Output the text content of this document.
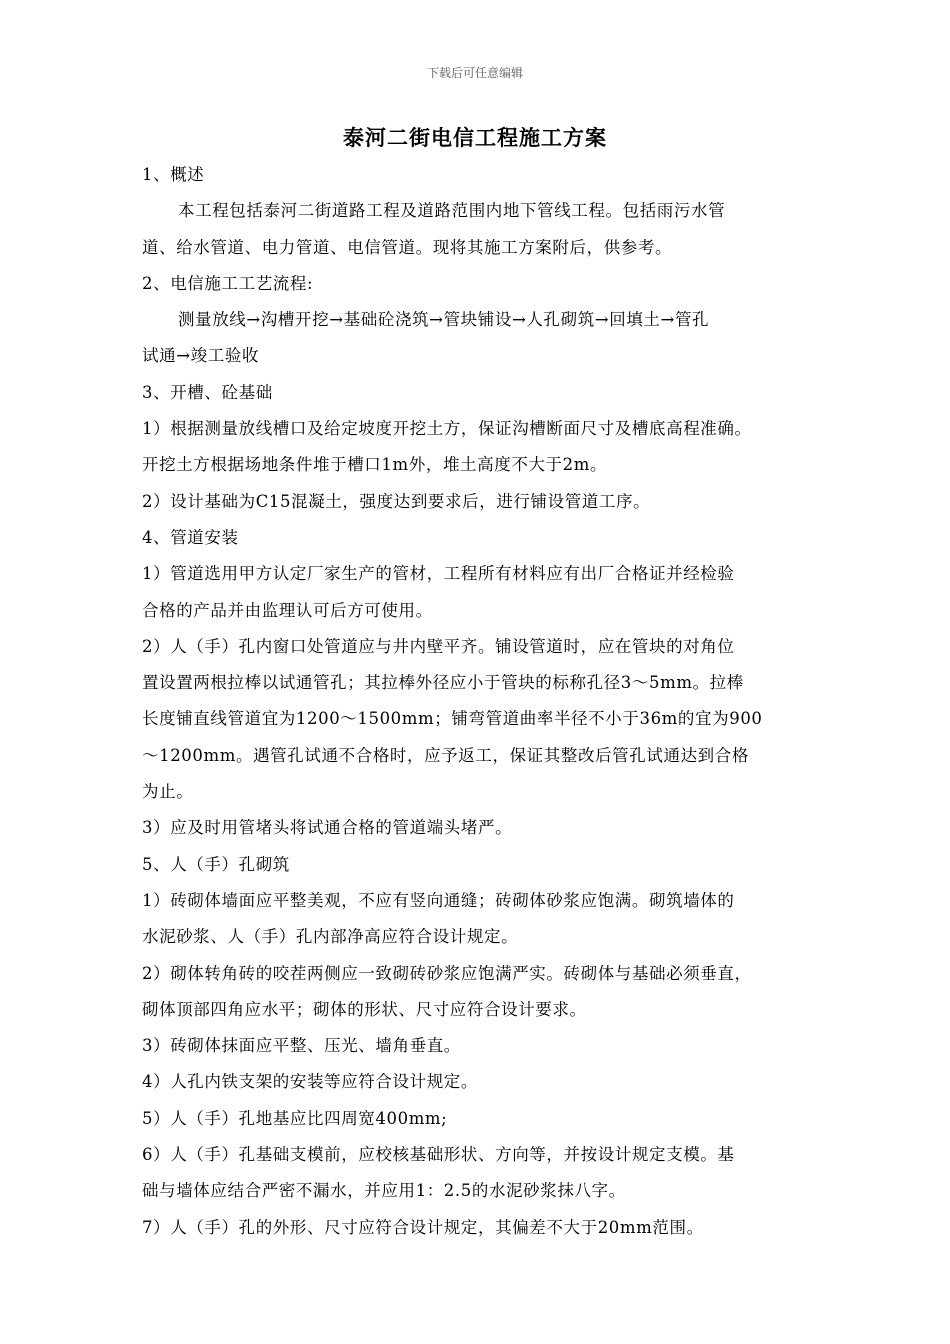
下载后可任意编辑
泰河二街电信工程施工方案
1、概述
本工程包括泰河二街道路工程及道路范围内地下管线工程。包括雨污水管
道、给水管道、电力管道、电信管道。现将其施工方案附后，供参考。
2、电信施工工艺流程:
测量放线→沟槽开挖→基础砼浇筑→管块铺设→人孔砌筑→回填土→管孔
试通→竣工验收
3、开槽、砼基础
1）根据测量放线槽口及给定坡度开挖土方，保证沟槽断面尺寸及槽底高程准确。
开挖土方根据场地条件堆于槽口1m外，堆土高度不大于2m。
2）设计基础为C15混凝土，强度达到要求后，进行铺设管道工序。
4、管道安装
1）管道选用甲方认定厂家生产的管材，工程所有材料应有出厂合格证并经检验
合格的产品并由监理认可后方可使用。
2）人（手）孔内窗口处管道应与井内壁平齐。铺设管道时，应在管块的对角位
置设置两根拉棒以试通管孔；其拉棒外径应小于管块的标称孔径3～5mm。拉棒
长度铺直线管道宜为1200～1500mm；铺弯管道曲率半径不小于36m的宜为900
～1200mm。遇管孔试通不合格时，应予返工，保证其整改后管孔试通达到合格
为止。
3）应及时用管堵头将试通合格的管道端头堵严。
5、人（手）孔砌筑
1）砖砌体墙面应平整美观，不应有竖向通缝；砖砌体砂浆应饱满。砌筑墙体的
水泥砂浆、人（手）孔内部净高应符合设计规定。
2）砌体转角砖的咬茬两侧应一致砌砖砂浆应饱满严实。砖砌体与基础必须垂直，
砌体顶部四角应水平；砌体的形状、尺寸应符合设计要求。
3）砖砌体抹面应平整、压光、墙角垂直。
4）人孔内铁支架的安装等应符合设计规定。
5）人（手）孔地基应比四周宽400mm;
6）人（手）孔基础支模前，应校核基础形状、方向等，并按设计规定支模。基
础与墙体应结合严密不漏水，并应用1：2.5的水泥砂浆抹八字。
7）人（手）孔的外形、尺寸应符合设计规定，其偏差不大于20mm范围。
